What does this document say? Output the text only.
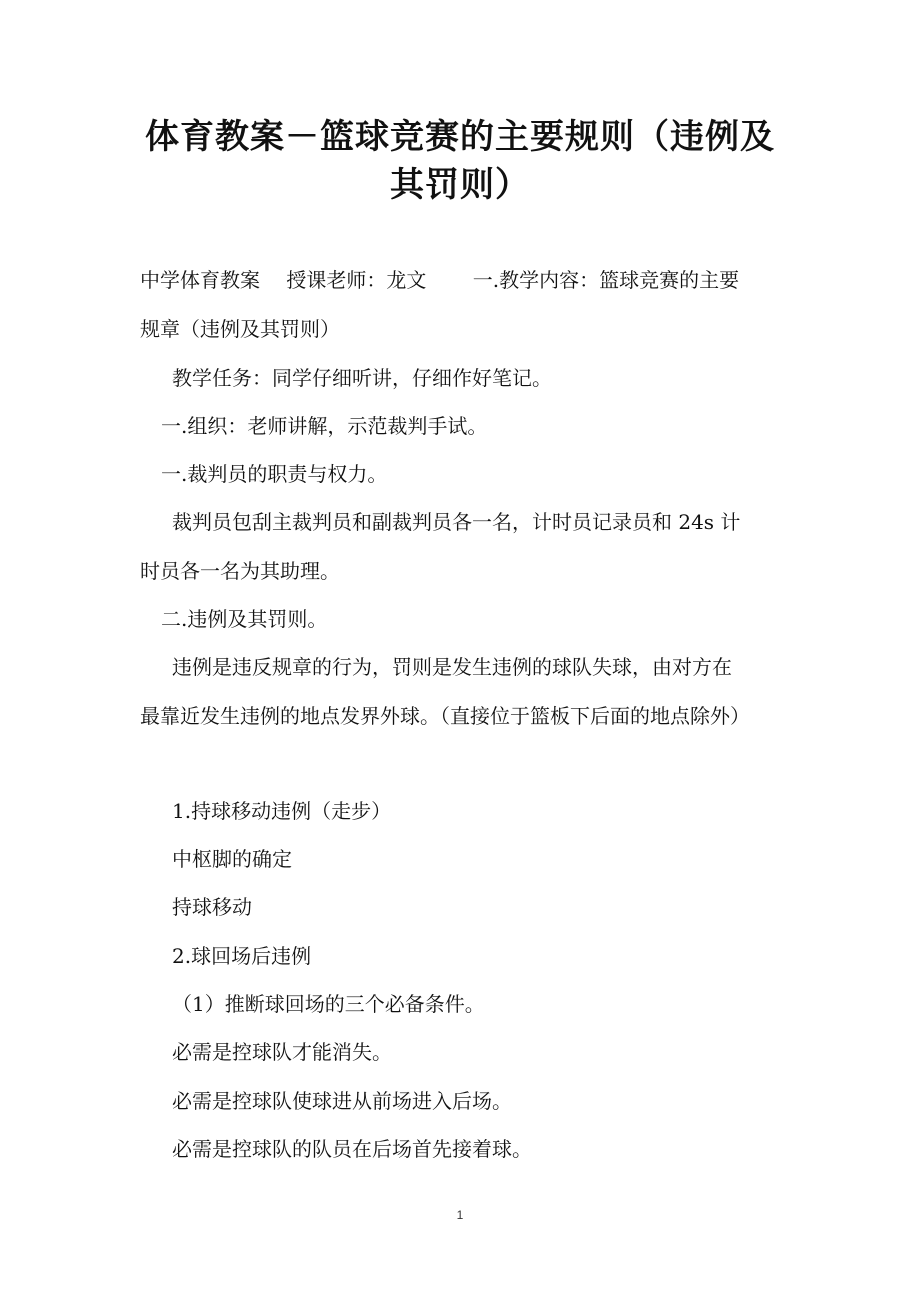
体育教案－篮球竞赛的主要规则（违例及
其罚则）
中学体育教案　 授课老师：龙文　　 一.教学内容：篮球竞赛的主要
规章（违例及其罚则）
教学任务：同学仔细听讲，仔细作好笔记。
一.组织：老师讲解，示范裁判手试。
一.裁判员的职责与权力。
裁判员包刮主裁判员和副裁判员各一名，计时员记录员和 24s 计
时员各一名为其助理。
二.违例及其罚则。
违例是违反规章的行为，罚则是发生违例的球队失球，由对方在
最靠近发生违例的地点发界外球。（直接位于篮板下后面的地点除外）
1.持球移动违例（走步）
中枢脚的确定
持球移动
2.球回场后违例
（1）推断球回场的三个必备条件。
必需是控球队才能消失。
必需是控球队使球进从前场进入后场。
必需是控球队的队员在后场首先接着球。
1
